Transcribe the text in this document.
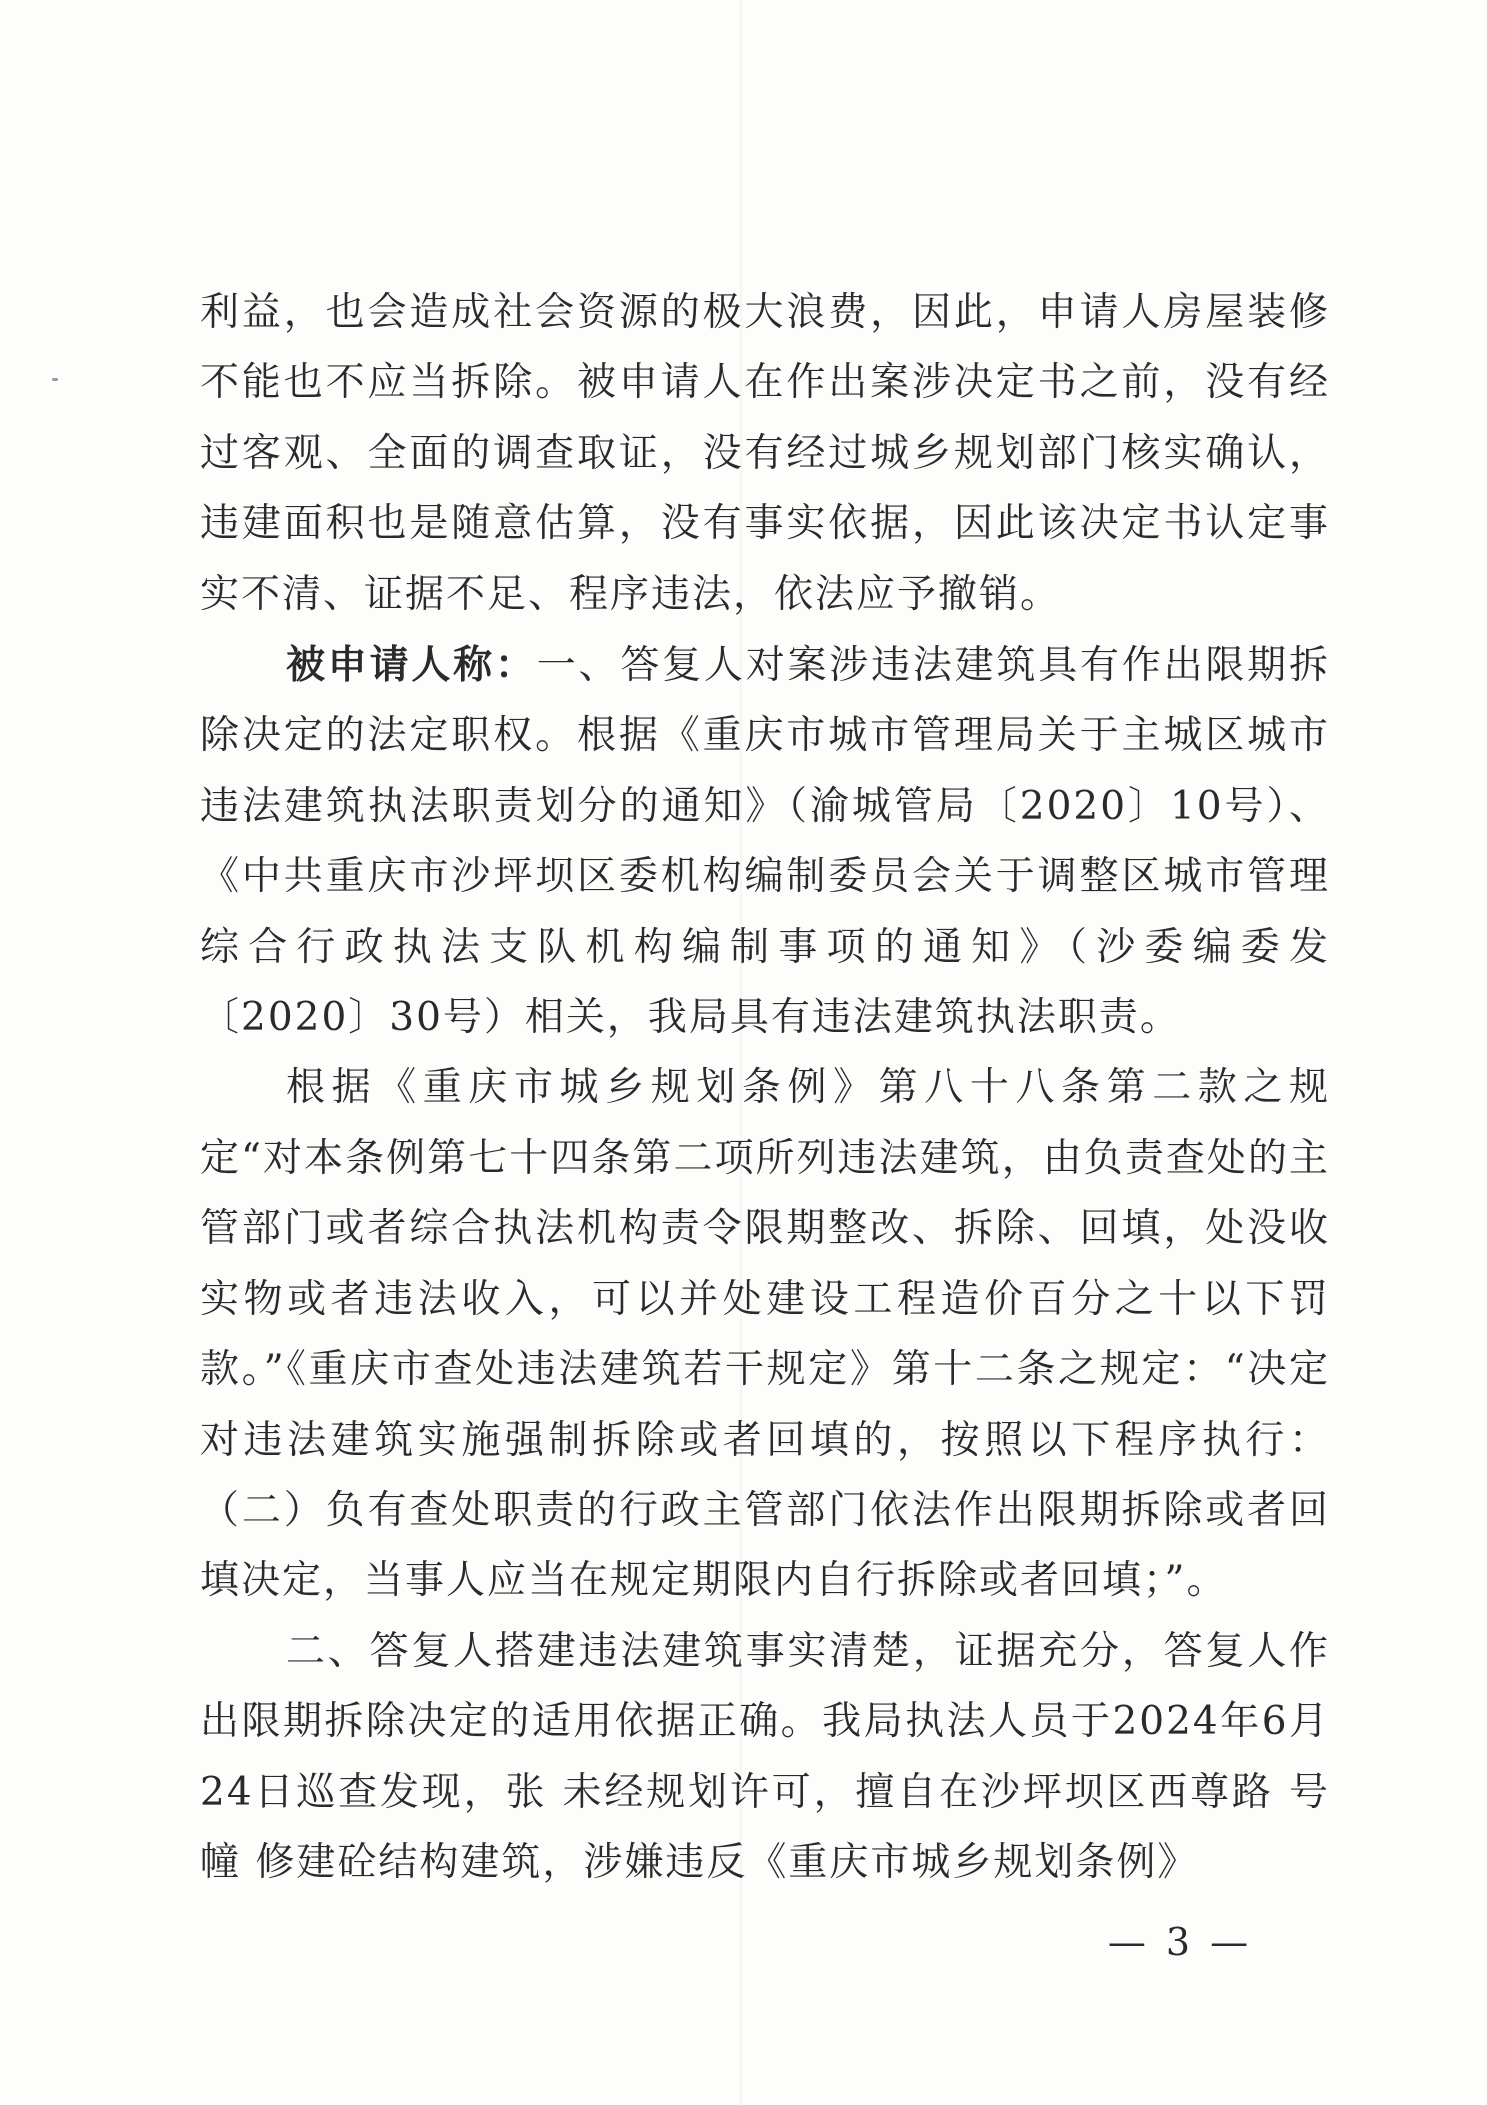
利益，也会造成社会资源的极大浪费，因此，申请人房屋装修不能也不应当拆除。被申请人在作出案涉决定书之前，没有经过客观、全面的调查取证，没有经过城乡规划部门核实确认，违建面积也是随意估算，没有事实依据，因此该决定书认定事实不清、证据不足、程序违法，依法应予撤销。

被申请人称：一、答复人对案涉违法建筑具有作出限期拆除决定的法定职权。根据《重庆市城市管理局关于主城区城市违法建筑执法职责划分的通知》（渝城管局〔2020〕10号）、《中共重庆市沙坪坝区委机构编制委员会关于调整区城市管理综合行政执法支队机构编制事项的通知》（沙委编委发〔2020〕30号）相关，我局具有违法建筑执法职责。

根据《重庆市城乡规划条例》第八十八条第二款之规定“对本条例第七十四条第二项所列违法建筑，由负责查处的主管部门或者综合执法机构责令限期整改、拆除、回填，处没收实物或者违法收入，可以并处建设工程造价百分之十以下罚款。”《重庆市查处违法建筑若干规定》第十二条之规定：“决定对违法建筑实施强制拆除或者回填的，按照以下程序执行：（二）负有查处职责的行政主管部门依法作出限期拆除或者回填决定，当事人应当在规定期限内自行拆除或者回填；”。

二、答复人搭建违法建筑事实清楚，证据充分，答复人作出限期拆除决定的适用依据正确。我局执法人员于2024年6月24日巡查发现，张 未经规划许可，擅自在沙坪坝区西尊路 号 幢 修建砼结构建筑，涉嫌违反《重庆市城乡规划条例》

— 3 —
